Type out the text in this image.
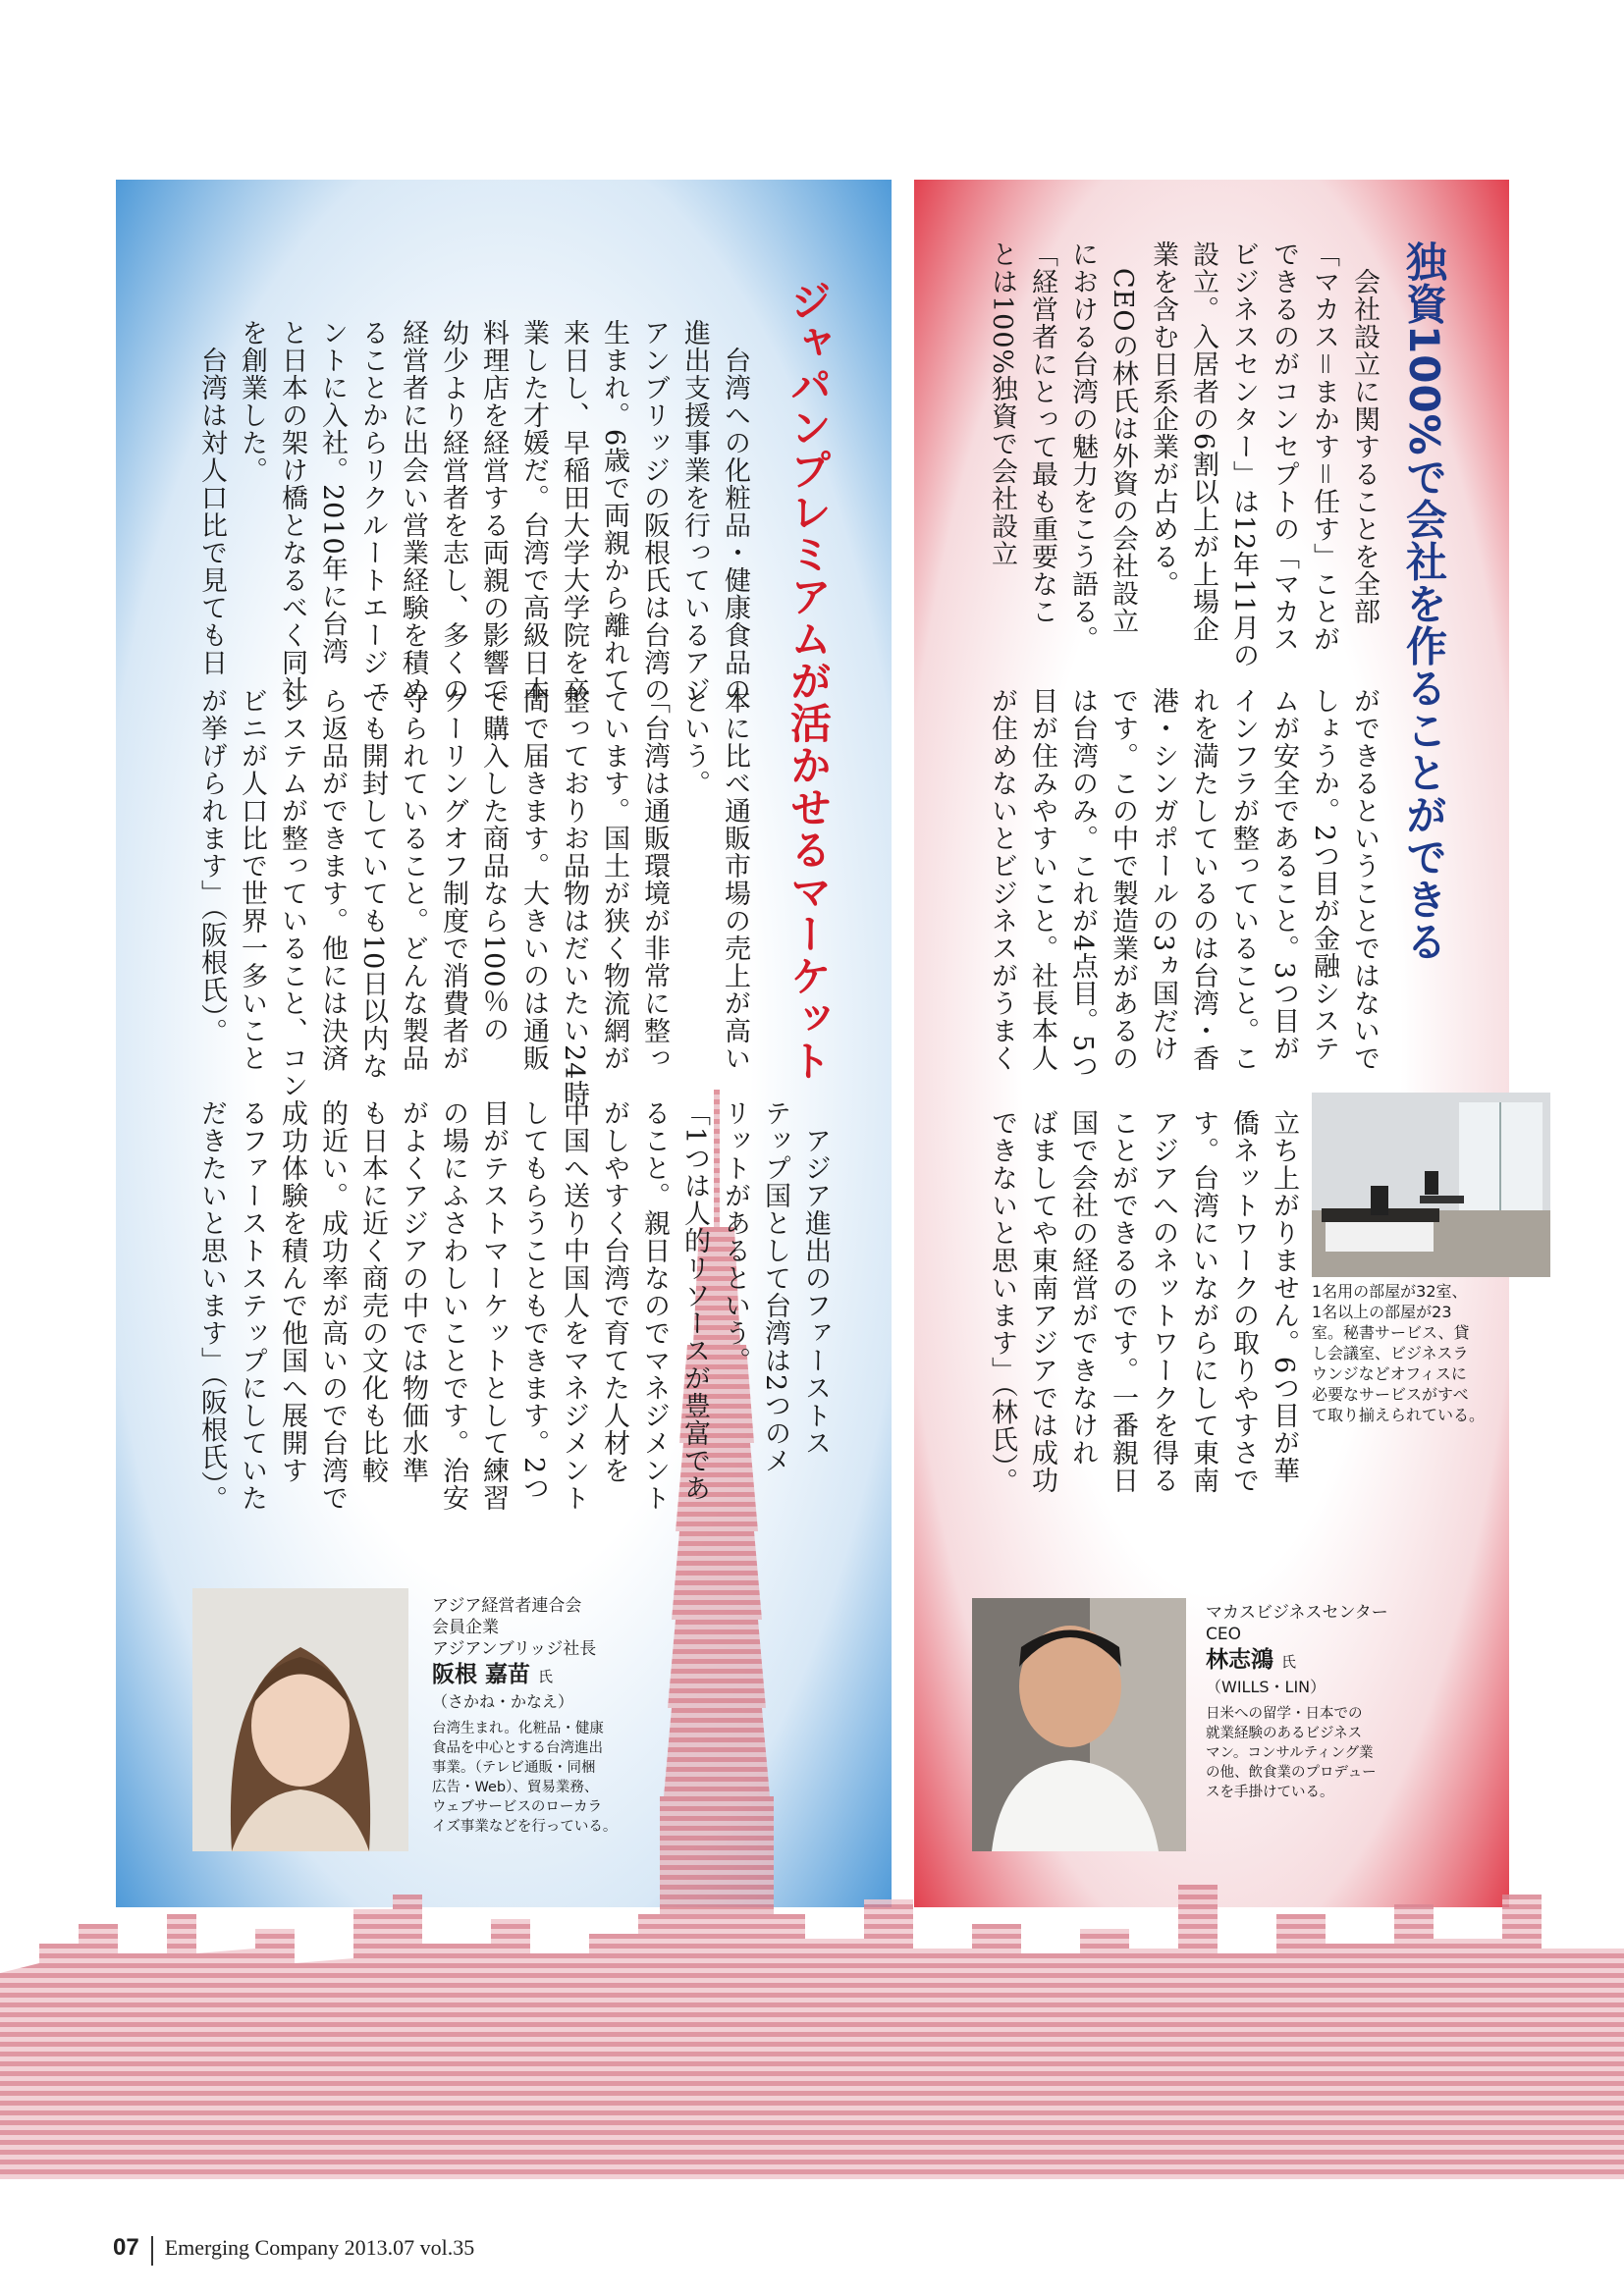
独資100%で会社を作ることができる
　会社設立に関することを全部
「マカス＝まかす＝任す」ことが
できるのがコンセプトの「マカス
ビジネスセンター」は12年11月の
設立。入居者の6割以上が上場企
業を含む日系企業が占める。
　CEOの林氏は外資の会社設立
における台湾の魅力をこう語る。
「経営者にとって最も重要なこ
とは100%独資で会社設立
ができるということではないで
しょうか。2つ目が金融システ
ムが安全であること。3つ目が
インフラが整っていること。こ
れを満たしているのは台湾・香
港・シンガポールの3ヵ国だけ
です。この中で製造業があるの
は台湾のみ。これが4点目。5つ
目が住みやすいこと。社長本人
が住めないとビジネスがうまく
立ち上がりません。6つ目が華
僑ネットワークの取りやすさで
す。台湾にいながらにして東南
アジアへのネットワークを得る
ことができるのです。一番親日
国で会社の経営ができなけれ
ばましてや東南アジアでは成功
できないと思います」（林氏）。	1名用の部屋が32室、
1名以上の部屋が23
室。秘書サービス、貸
し会議室、ビジネスラ
ウンジなどオフィスに
必要なサービスがすべ
て取り揃えられている。
マカスビジネスセンター
CEO
林志鴻 氏
（WILLS・LIN）
日米への留学・日本での
就業経験のあるビジネス
マン。コンサルティング業
の他、飲食業のプロデュー
スを手掛けている。
ジャパンプレミアムが活かせるマーケット
　台湾への化粧品・健康食品の
進出支援事業を行っているアジ
アンブリッジの阪根氏は台湾の
生まれ。6歳で両親から離れて
来日し、早稲田大学大学院を卒
業した才媛だ。台湾で高級日本
料理店を経営する両親の影響で
幼少より経営者を志し、多くの
経営者に出会い営業経験を積め
ることからリクルートエージェ
ントに入社。2010年に台湾
と日本の架け橋となるべく同社
を創業した。
　台湾は対人口比で見ても日
本に比べ通販市場の売上が高い
という。
「台湾は通販環境が非常に整っ
ています。国土が狭く物流網が
整っておりお品物はだいたい24時
間で届きます。大きいのは通販
で購入した商品なら100％の
クーリングオフ制度で消費者が
守られていること。どんな製品
でも開封していても10日以内な
ら返品ができます。他には決済
システムが整っていること、コン
ビニが人口比で世界一多いこと
が挙げられます」（阪根氏）。
　アジア進出のファーストス
テップ国として台湾は2つのメ
リットがあるという。
「1つは人的リソースが豊富であ
ること。親日なのでマネジメント
がしやすく台湾で育てた人材を
中国へ送り中国人をマネジメント
してもらうこともできます。2つ
目がテストマーケットとして練習
の場にふさわしいことです。治安
がよくアジアの中では物価水準
も日本に近く商売の文化も比較
的近い。成功率が高いので台湾で
成功体験を積んで他国へ展開す
るファーストステップにしていた
だきたいと思います」（阪根氏）。
アジア経営者連合会
会員企業
アジアンブリッジ社長
阪根 嘉苗 氏
（さかね・かなえ）
台湾生まれ。化粧品・健康
食品を中心とする台湾進出
事業。（テレビ通販・同梱
広告・Web）、貿易業務、
ウェブサービスのローカラ
イズ事業などを行っている。
07 Emerging Company 2013.07 vol.35
